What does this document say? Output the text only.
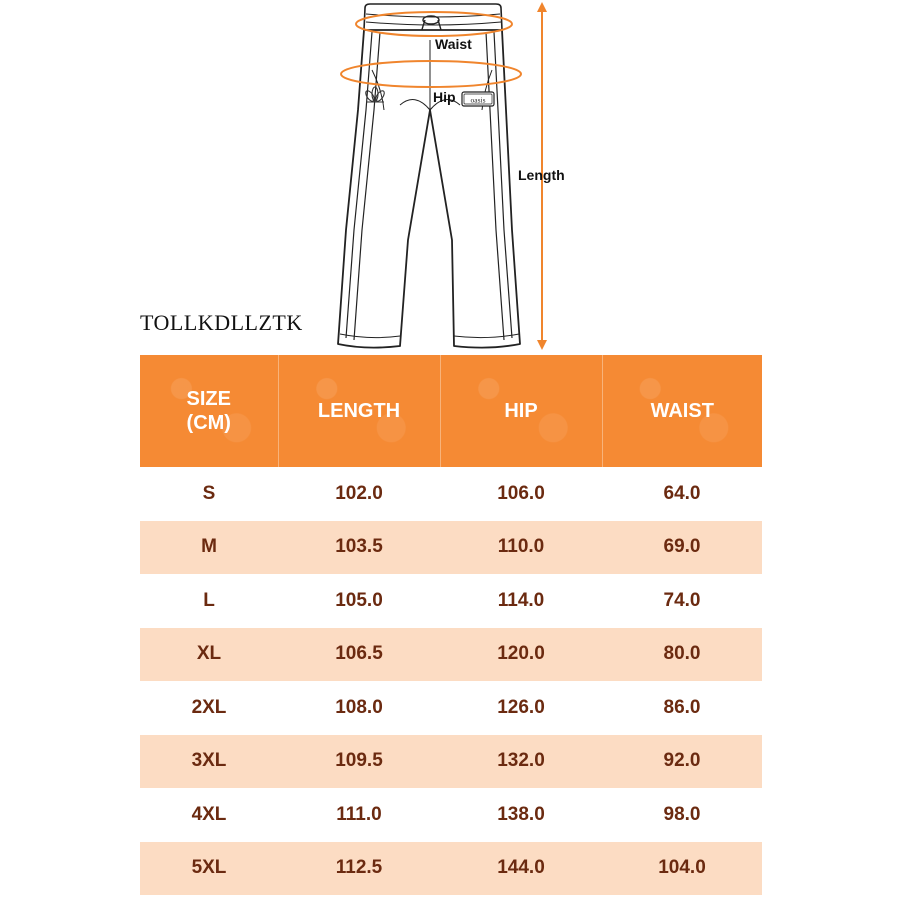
oasis
Waist
Hip
Length
TOLLKDLLZTK
SIZE
(CM)	LENGTH	HIP	WAIST

S	102.0	106.0	64.0
M	103.5	110.0	69.0
L	105.0	114.0	74.0
XL	106.5	120.0	80.0
2XL	108.0	126.0	86.0
3XL	109.5	132.0	92.0
4XL	111.0	138.0	98.0
5XL	112.5	144.0	104.0
